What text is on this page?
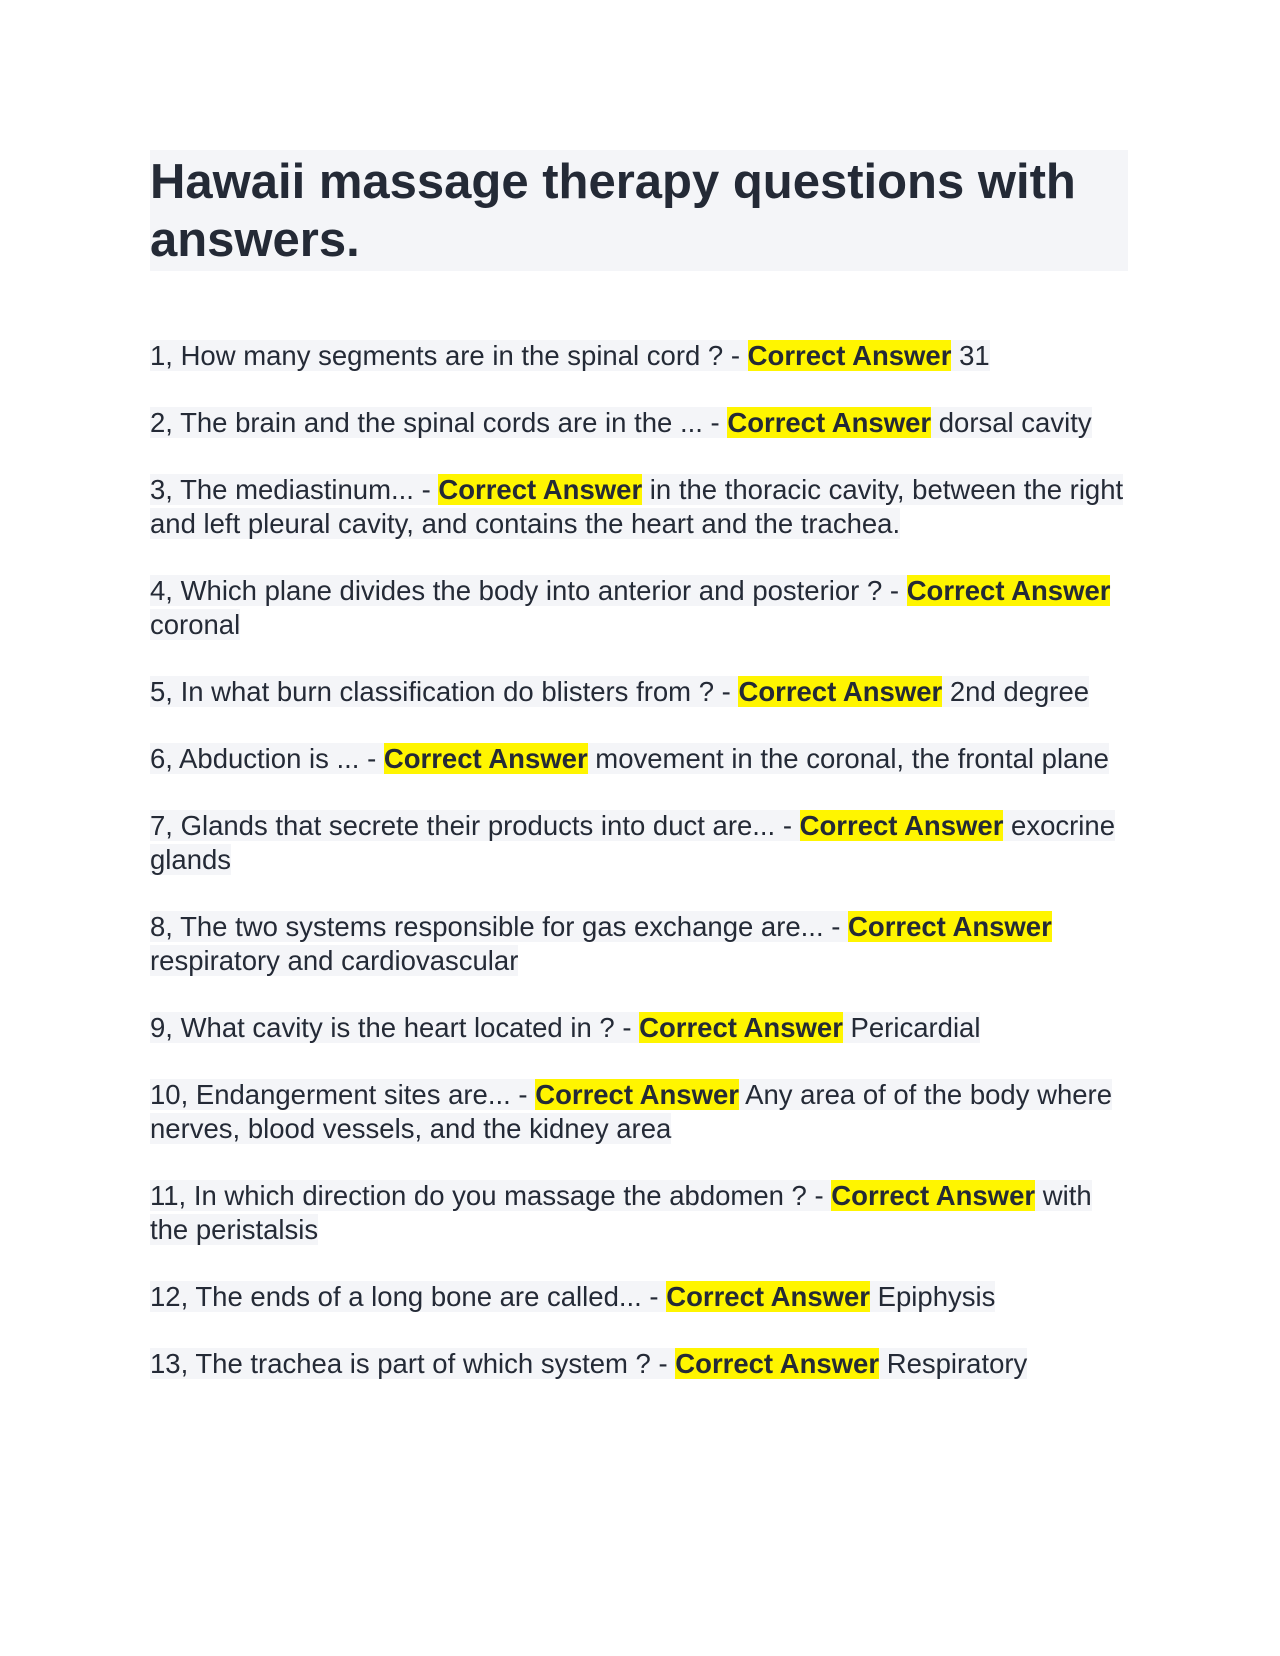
Hawaii massage therapy questions with answers.

1, How many segments are in the spinal cord ? - Correct Answer 31

2, The brain and the spinal cords are in the ... - Correct Answer dorsal cavity

3, The mediastinum... - Correct Answer in the thoracic cavity, between the right and left pleural cavity, and contains the heart and the trachea.

4, Which plane divides the body into anterior and posterior ? - Correct Answer coronal

5, In what burn classification do blisters from ? - Correct Answer 2nd degree

6, Abduction is ... - Correct Answer movement in the coronal, the frontal plane

7, Glands that secrete their products into duct are... - Correct Answer exocrine glands

8, The two systems responsible for gas exchange are... - Correct Answer respiratory and cardiovascular

9, What cavity is the heart located in ? - Correct Answer Pericardial

10, Endangerment sites are... - Correct Answer Any area of of the body where nerves, blood vessels, and the kidney area

11, In which direction do you massage the abdomen ? - Correct Answer with the peristalsis

12, The ends of a long bone are called... - Correct Answer Epiphysis

13, The trachea is part of which system ? - Correct Answer Respiratory
